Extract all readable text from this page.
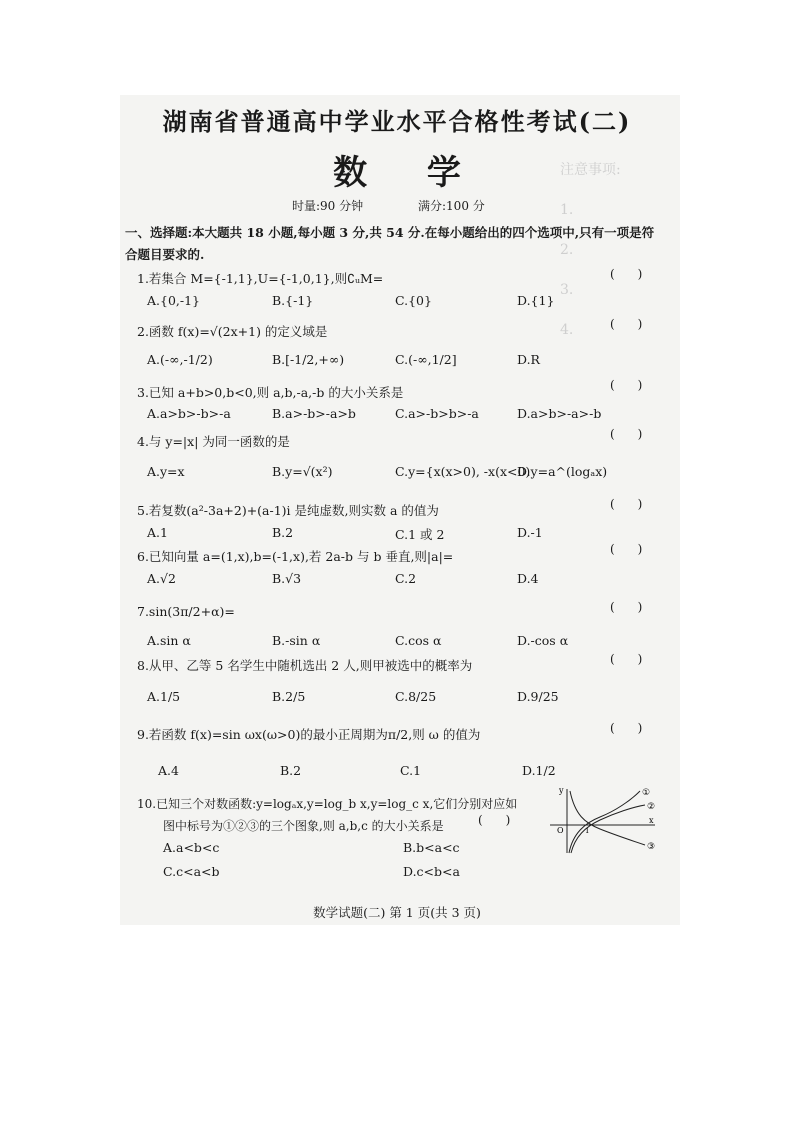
注意事项:
1.
2.
3.
4.
湖南省普通高中学业水平合格性考试(二)
数 学
时量:90 分钟	满分:100 分
一、选择题:本大题共 18 小题,每小题 3 分,共 54 分.在每小题给出的四个选项中,只有一项是符合题目要求的.
1.若集合 M={-1,1},U={-1,0,1},则∁ᵤM=	(      )
A.{0,-1}	B.{-1}	C.{0}	D.{1}
2.函数 f(x)=√(2x+1) 的定义域是	(      )
A.(-∞,-1/2)	B.[-1/2,+∞)	C.(-∞,1/2]	D.R
3.已知 a+b>0,b<0,则 a,b,-a,-b 的大小关系是	(      )
A.a>b>-b>-a	B.a>-b>-a>b	C.a>-b>b>-a	D.a>b>-a>-b
4.与 y=|x| 为同一函数的是	(      )
A.y=x	B.y=√(x²)	C.y={x(x>0), -x(x<0)
D.y=a^(logₐx)
5.若复数(a²-3a+2)+(a-1)i 是纯虚数,则实数 a 的值为	(      )
A.1	B.2	C.1 或 2	D.-1
6.已知向量 a=(1,x),b=(-1,x),若 2a-b 与 b 垂直,则|a|=	(      )
A.√2	B.√3	C.2	D.4
7.sin(3π/2+α)=	(      )
A.sin α	B.-sin α	C.cos α	D.-cos α
8.从甲、乙等 5 名学生中随机选出 2 人,则甲被选中的概率为	(      )
A.1/5	B.2/5	C.8/25	D.9/25
9.若函数 f(x)=sin ωx(ω>0)的最小正周期为π/2,则 ω 的值为	(      )
A.4	B.2	C.1	D.1/2
10.已知三个对数函数:y=logₐx,y=log_b x,y=log_c x,它们分别对应如
图中标号为①②③的三个图象,则 a,b,c 的大小关系是	(      )
A.a<b<c	B.b<a<c
C.c<a<b	D.c<b<a
y
x
O	1
①
②
③
数学试题(二) 第 1 页(共 3 页)
